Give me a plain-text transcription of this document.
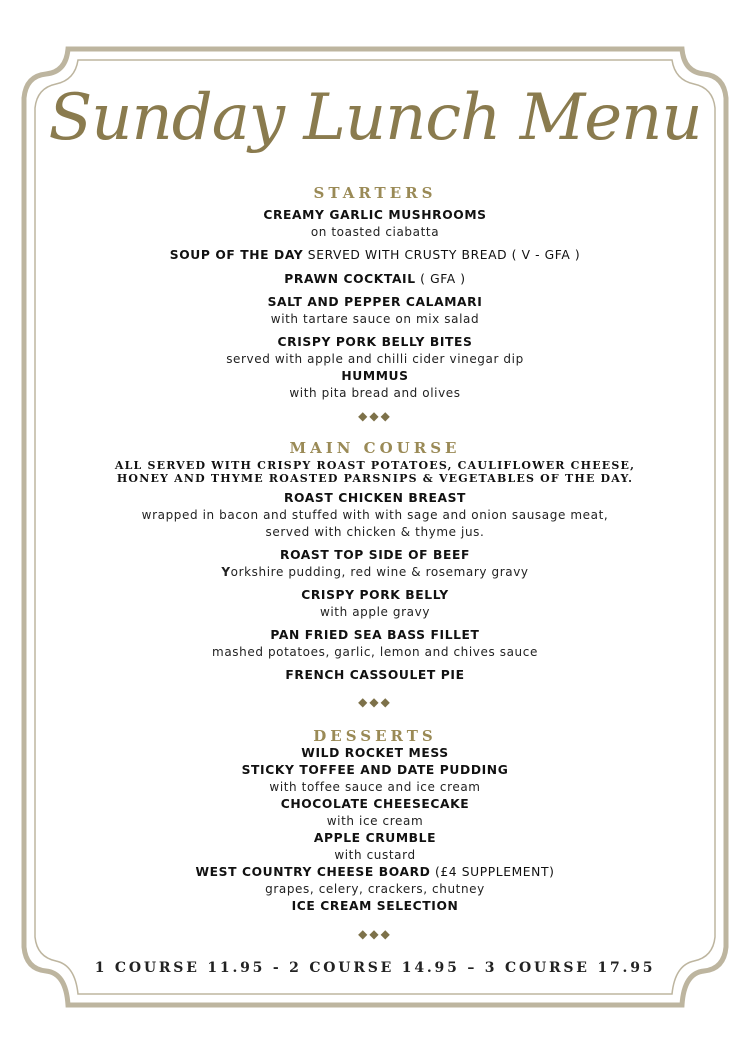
Sunday Lunch Menu
STARTERS
CREAMY GARLIC MUSHROOMS
on toasted ciabatta
SOUP OF THE DAY SERVED WITH CRUSTY BREAD ( V - GFA )
PRAWN COCKTAIL ( GFA )
SALT AND PEPPER CALAMARI
with tartare sauce on mix salad
CRISPY PORK BELLY BITES
served with apple and chilli cider vinegar dip
HUMMUS
with pita bread and olives
◆◆◆
MAIN COURSE
ALL SERVED WITH CRISPY ROAST POTATOES, CAULIFLOWER CHEESE,
HONEY AND THYME ROASTED PARSNIPS & VEGETABLES OF THE DAY.
ROAST CHICKEN BREAST
wrapped in bacon and stuffed with with sage and onion sausage meat,
served with chicken & thyme jus.
ROAST TOP SIDE OF BEEF
Yorkshire pudding, red wine & rosemary gravy
CRISPY PORK BELLY
with apple gravy
PAN FRIED SEA BASS FILLET
mashed potatoes, garlic, lemon and chives sauce
FRENCH CASSOULET PIE
◆◆◆
DESSERTS
WILD ROCKET MESS
STICKY TOFFEE AND DATE PUDDING
with toffee sauce and ice cream
CHOCOLATE CHEESECAKE
with ice cream
APPLE CRUMBLE
with custard
WEST COUNTRY CHEESE BOARD (£4 SUPPLEMENT)
grapes, celery, crackers, chutney
ICE CREAM SELECTION
◆◆◆
1 COURSE 11.95 - 2 COURSE 14.95 – 3 COURSE 17.95
